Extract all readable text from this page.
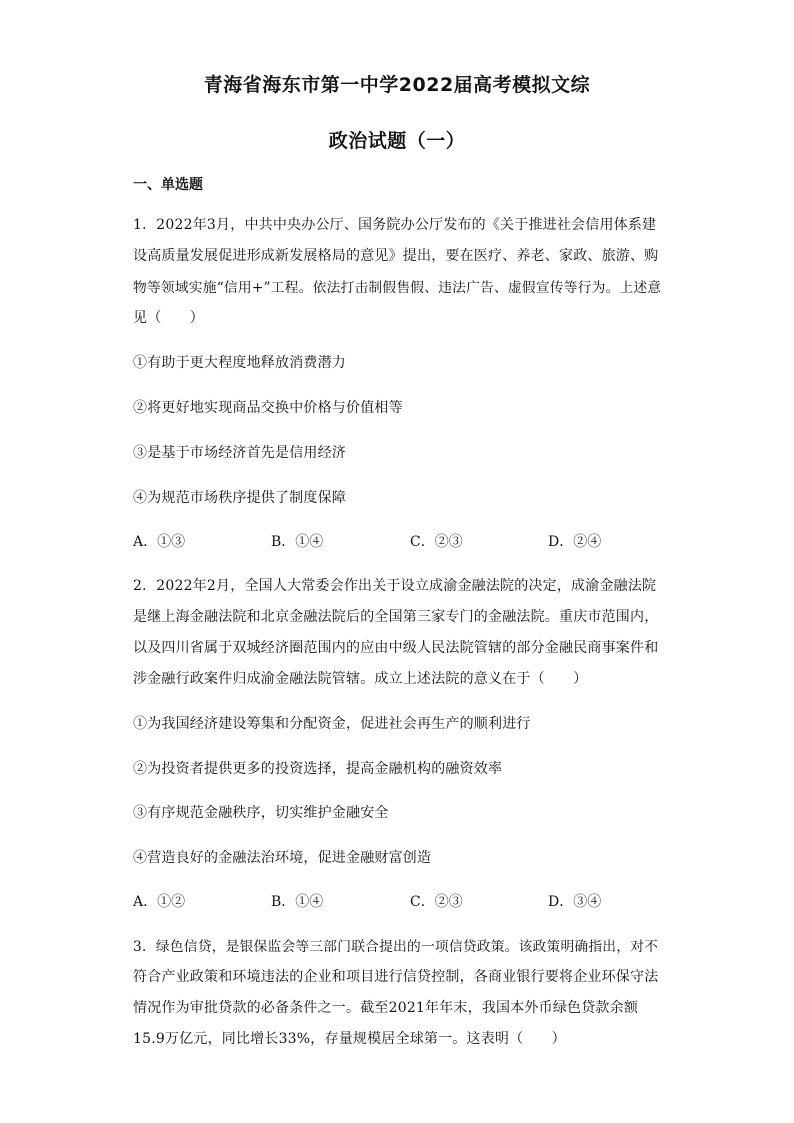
青海省海东市第一中学2022届高考模拟文综
政治试题（一）
一、单选题
1．2022年3月，中共中央办公厅、国务院办公厅发布的《关于推进社会信用体系建
设高质量发展促进形成新发展格局的意见》提出，要在医疗、养老、家政、旅游、购
物等领域实施“信用+”工程。依法打击制假售假、违法广告、虚假宣传等行为。上述意
见（　　）
①有助于更大程度地释放消费潜力
②将更好地实现商品交换中价格与价值相等
③是基于市场经济首先是信用经济
④为规范市场秩序提供了制度保障
A．①③	B．①④	C．②③	D．②④
2．2022年2月，全国人大常委会作出关于设立成渝金融法院的决定，成渝金融法院
是继上海金融法院和北京金融法院后的全国第三家专门的金融法院。重庆市范围内，
以及四川省属于双城经济圈范围内的应由中级人民法院管辖的部分金融民商事案件和
涉金融行政案件归成渝金融法院管辖。成立上述法院的意义在于（　　）
①为我国经济建设筹集和分配资金，促进社会再生产的顺利进行
②为投资者提供更多的投资选择，提高金融机构的融资效率
③有序规范金融秩序，切实维护金融安全
④营造良好的金融法治环境，促进金融财富创造
A．①②	B．①④	C．②③	D．③④
3．绿色信贷，是银保监会等三部门联合提出的一项信贷政策。该政策明确指出，对不
符合产业政策和环境违法的企业和项目进行信贷控制，各商业银行要将企业环保守法
情况作为审批贷款的必备条件之一。截至2021年年末，我国本外币绿色贷款余额
15.9万亿元，同比增长33%，存量规模居全球第一。这表明（　　）
